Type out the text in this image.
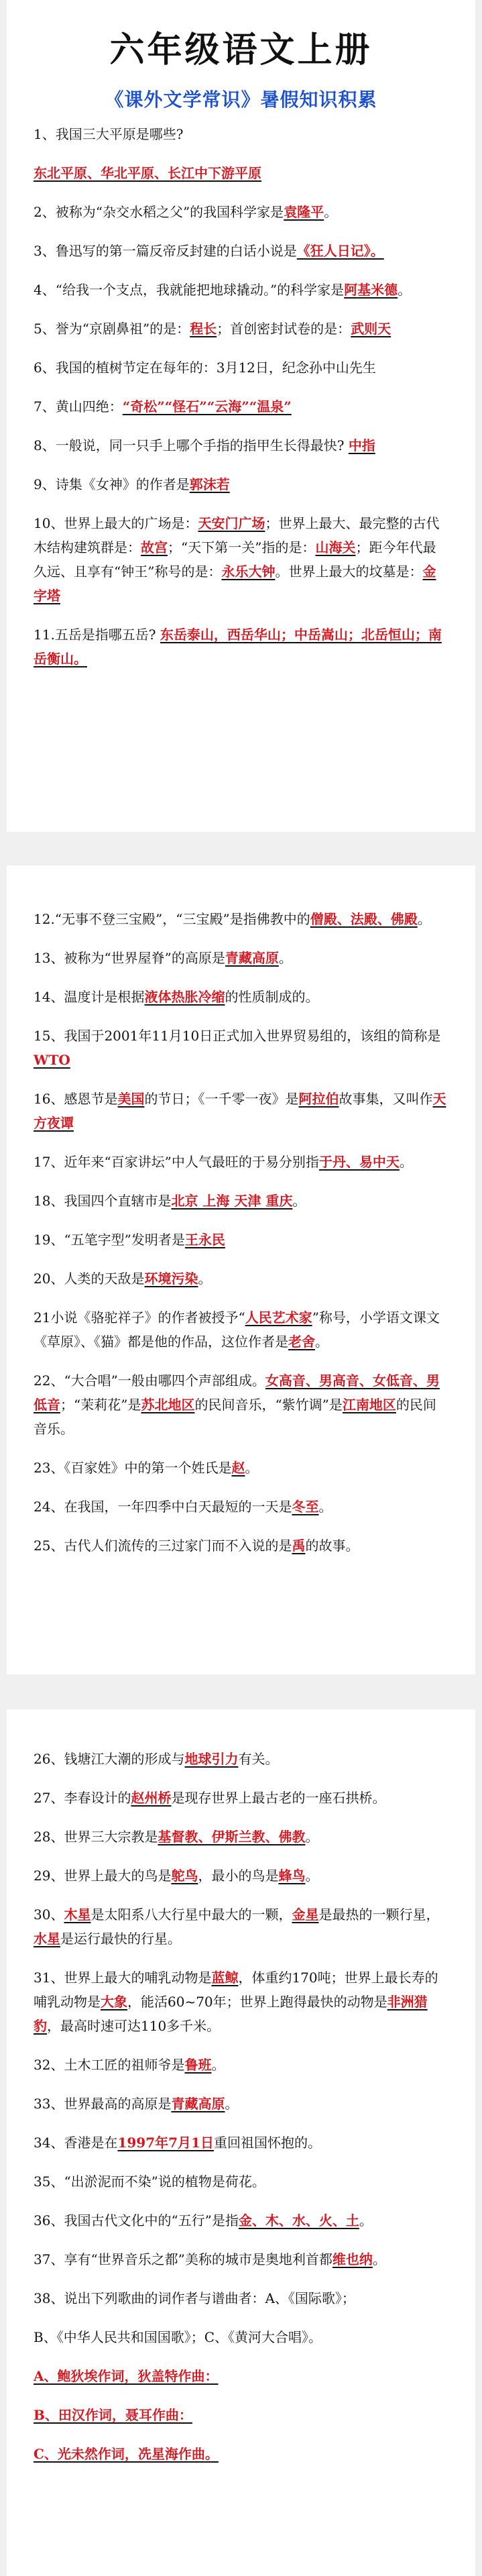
六年级语文上册
《课外文学常识》暑假知识积累
1、我国三大平原是哪些?
东北平原、华北平原、长江中下游平原
2、被称为“杂交水稻之父”的我国科学家是袁隆平。
3、鲁迅写的第一篇反帝反封建的白话小说是《狂人日记》。
4、“给我一个支点，我就能把地球撬动。”的科学家是阿基米德。
5、誉为“京剧鼻祖”的是：程长；首创密封试卷的是：武则天
6、我国的植树节定在每年的：3月12日，纪念孙中山先生
7、黄山四绝：“奇松”“怪石”“云海”“温泉”
8、一般说，同一只手上哪个手指的指甲生长得最快? 中指
9、诗集《女神》的作者是郭沫若
10、世界上最大的广场是：天安门广场；世界上最大、最完整的古代木结构建筑群是：故宫；“天下第一关”指的是：山海关；距今年代最久远、且享有“钟王”称号的是：永乐大钟。世界上最大的坟墓是：金字塔
11.五岳是指哪五岳? 东岳泰山，西岳华山；中岳嵩山；北岳恒山；南岳衡山。
12.“无事不登三宝殿”，“三宝殿”是指佛教中的僧殿、法殿、佛殿。
13、被称为“世界屋脊”的高原是青藏高原。
14、温度计是根据液体热胀冷缩的性质制成的。
15、我国于2001年11月10日正式加入世界贸易组的，该组的简称是WTO
16、感恩节是美国的节日；《一千零一夜》是阿拉伯故事集，又叫作天方夜谭
17、近年来“百家讲坛”中人气最旺的于易分别指于丹、易中天。
18、我国四个直辖市是北京 上海 天津 重庆。
19、“五笔字型”发明者是王永民
20、人类的天敌是环境污染。
21小说《骆驼祥子》的作者被授予“人民艺术家”称号，小学语文课文《草原》、《猫》都是他的作品，这位作者是老舍。
22、“大合唱”一般由哪四个声部组成。女高音、男高音、女低音、男低音；“茉莉花”是苏北地区的民间音乐，“紫竹调”是江南地区的民间音乐。
23、《百家姓》中的第一个姓氏是赵。
24、在我国，一年四季中白天最短的一天是冬至。
25、古代人们流传的三过家门而不入说的是禹的故事。
26、钱塘江大潮的形成与地球引力有关。
27、李春设计的赵州桥是现存世界上最古老的一座石拱桥。
28、世界三大宗教是基督教、伊斯兰教、佛教。
29、世界上最大的鸟是鸵鸟，最小的鸟是蜂鸟。
30、木星是太阳系八大行星中最大的一颗，金星是最热的一颗行星，水星是运行最快的行星。
31、世界上最大的哺乳动物是蓝鲸，体重约170吨；世界上最长寿的哺乳动物是大象，能活60~70年；世界上跑得最快的动物是非洲猎豹，最高时速可达110多千米。
32、土木工匠的祖师爷是鲁班。
33、世界最高的高原是青藏高原。
34、香港是在1997年7月1日重回祖国怀抱的。
35、“出淤泥而不染”说的植物是荷花。
36、我国古代文化中的“五行”是指金、木、水、火、土。
37、享有“世界音乐之都”美称的城市是奥地利首都维也纳。
38、说出下列歌曲的词作者与谱曲者：A、《国际歌》；
B、《中华人民共和国国歌》；C、《黄河大合唱》。
A、鲍狄埃作词，狄盖特作曲：
B、田汉作词，聂耳作曲：
C、光未然作词，冼星海作曲。
